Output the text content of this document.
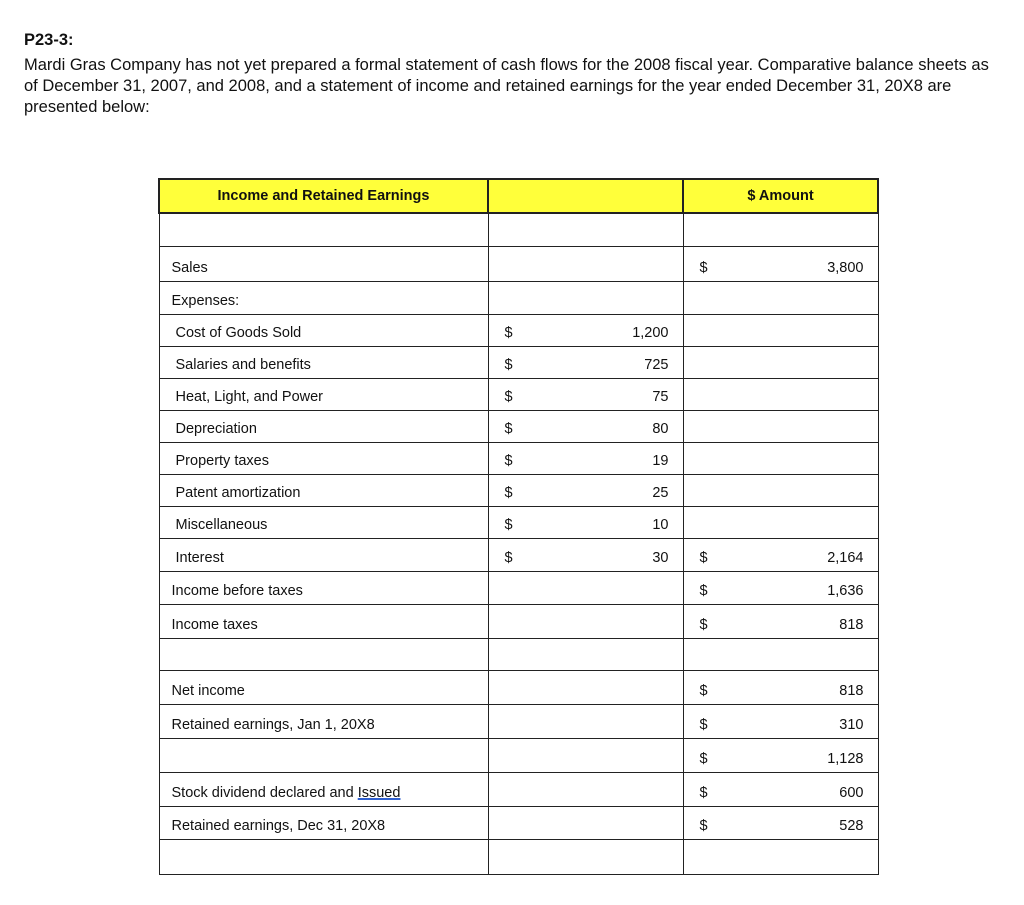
P23-3:
Mardi Gras Company has not yet prepared a formal statement of cash flows for the 2008 fiscal year. Comparative balance sheets as of December 31, 2007, and 2008, and a statement of income and retained earnings for the year ended December 31, 20X8 are presented below:
Income and Retained Earnings		$ Amount

Sales		$ 3,800

Expenses:		
Cost of Goods Sold	$ 1,200	

Salaries and benefits	$ 725	

Heat, Light, and Power	$ 75	

Depreciation	$ 80	

Property taxes	$ 19	

Patent amortization	$ 25	

Miscellaneous	$ 10	

Interest	$ 30	$ 2,164

Income before taxes		$ 1,636

Income taxes		$ 818

Net income		$ 818

Retained earnings, Jan 1, 20X8		$ 310

		$ 1,128

Stock dividend declared and Issued		$ 600

Retained earnings, Dec 31, 20X8		$ 528
